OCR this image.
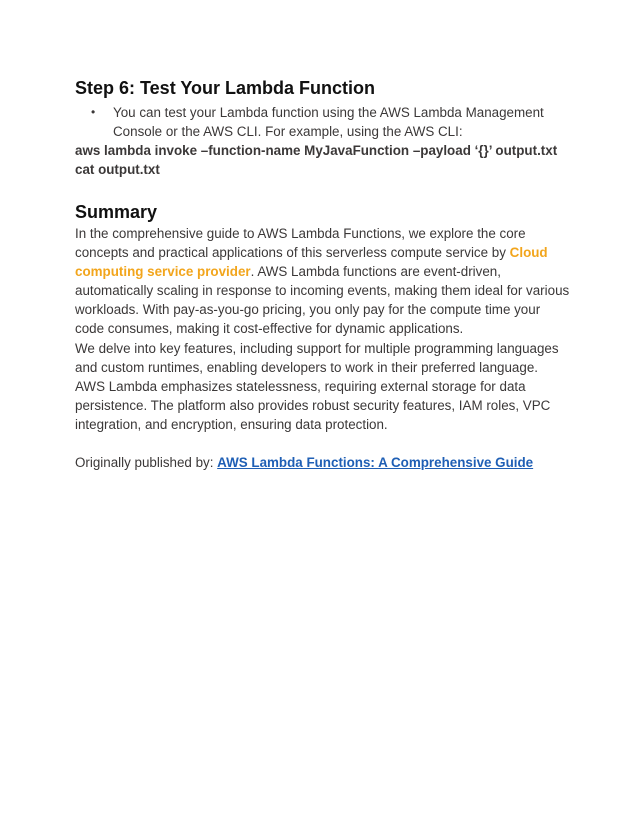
Step 6: Test Your Lambda Function
•	You can test your Lambda function using the AWS Lambda Management Console or the AWS CLI. For example, using the AWS CLI:
aws lambda invoke –function-name MyJavaFunction –payload ‘{}’ output.txt
cat output.txt
Summary

In the comprehensive guide to AWS Lambda Functions, we explore the core concepts and practical applications of this serverless compute service by Cloud computing service provider. AWS Lambda functions are event-driven, automatically scaling in response to incoming events, making them ideal for various workloads. With pay-as-you-go pricing, you only pay for the compute time your code consumes, making it cost-effective for dynamic applications.

We delve into key features, including support for multiple programming languages and custom runtimes, enabling developers to work in their preferred language. AWS Lambda emphasizes statelessness, requiring external storage for data persistence. The platform also provides robust security features, IAM roles, VPC integration, and encryption, ensuring data protection.

Originally published by: AWS Lambda Functions: A Comprehensive Guide
